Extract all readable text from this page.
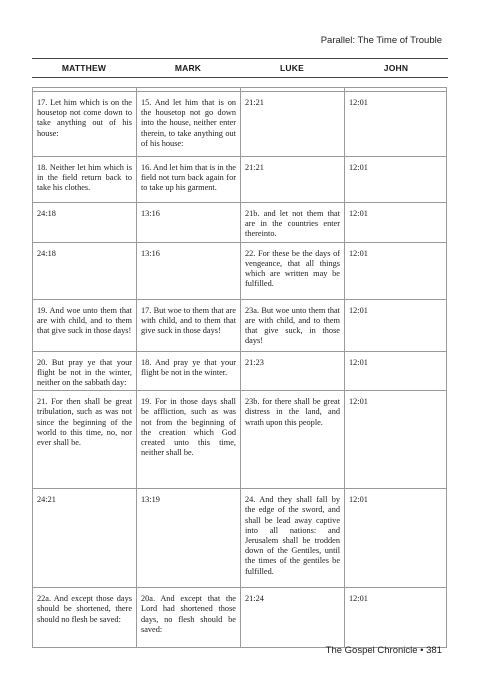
Parallel: The Time of Trouble
MATTHEW	MARK	LUKE	JOHN

17. Let him which is on the housetop not come down to take anything out of his house:	15. And let him that is on the housetop not go down into the house, neither enter therein, to take anything out of his house:	21:21	12:01
18. Neither let him which is in the field return back to take his clothes.	16. And let him that is in the field not turn back again for to take up his garment.	21:21	12:01
24:18	13:16	21b. and let not them that are in the countries enter thereinto.	12:01
24:18	13:16	22. For these be the days of vengeance, that all things which are written may be fulfilled.	12:01
19. And woe unto them that are with child, and to them that give suck in those days!	17. But woe to them that are with child, and to them that give suck in those days!	23a. But woe unto them that are with child, and to them that give suck, in those days!	12:01
20. But pray ye that your flight be not in the winter, neither on the sabbath day:	18. And pray ye that your flight be not in the winter.	21:23	12:01
21. For then shall be great tribulation, such as was not since the beginning of the world to this time, no, nor ever shall be.	19. For in those days shall be affliction, such as was not from the beginning of the creation which God created unto this time, neither shall be.	23b. for there shall be great distress in the land, and wrath upon this people.	12:01
24:21	13:19	24. And they shall fall by the edge of the sword, and shall be lead away captive into all nations: and Jerusalem shall be trodden down of the Gentiles, until the times of the gentiles be fulfilled.	12:01
22a. And except those days should be shortened, there should no flesh be saved:	20a. And except that the Lord had shortened those days, no flesh should be saved:	21:24	12:01
The Gospel Chronicle • 381
